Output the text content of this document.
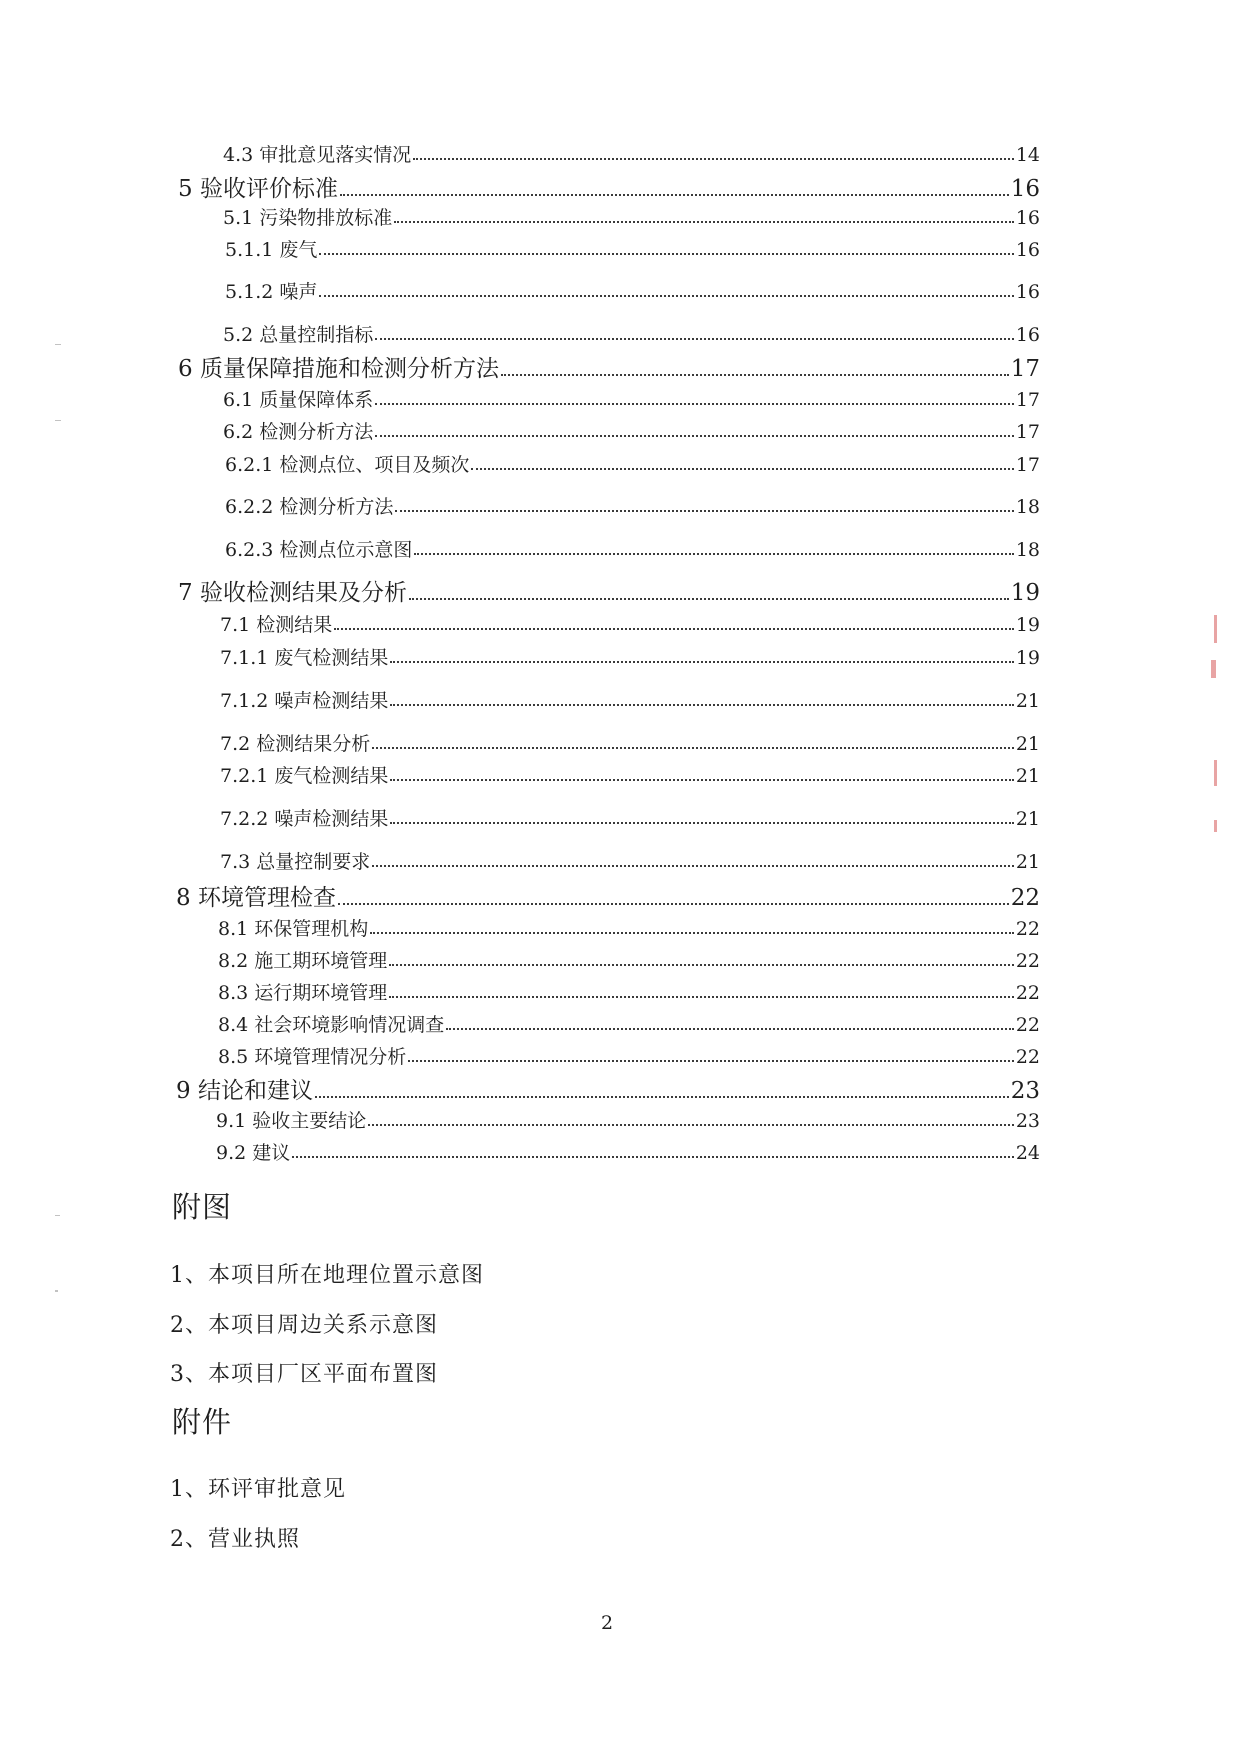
4.3 审批意见落实情况	14
5 验收评价标准	16
5.1 污染物排放标准	16
5.1.1 废气	16
5.1.2 噪声	16
5.2 总量控制指标	16
6 质量保障措施和检测分析方法	17
6.1 质量保障体系	17
6.2 检测分析方法	17
6.2.1 检测点位、项目及频次	17
6.2.2 检测分析方法	18
6.2.3 检测点位示意图	18
7 验收检测结果及分析	19
7.1 检测结果	19
7.1.1 废气检测结果	19
7.1.2 噪声检测结果	21
7.2 检测结果分析	21
7.2.1 废气检测结果	21
7.2.2 噪声检测结果	21
7.3 总量控制要求	21
8 环境管理检查	22
8.1 环保管理机构	22
8.2 施工期环境管理	22
8.3 运行期环境管理	22
8.4 社会环境影响情况调查	22
8.5 环境管理情况分析	22
9 结论和建议	23
9.1 验收主要结论	23
9.2 建议	24
附图
1、本项目所在地理位置示意图
2、本项目周边关系示意图
3、本项目厂区平面布置图
附件
1、环评审批意见
2、营业执照
2
